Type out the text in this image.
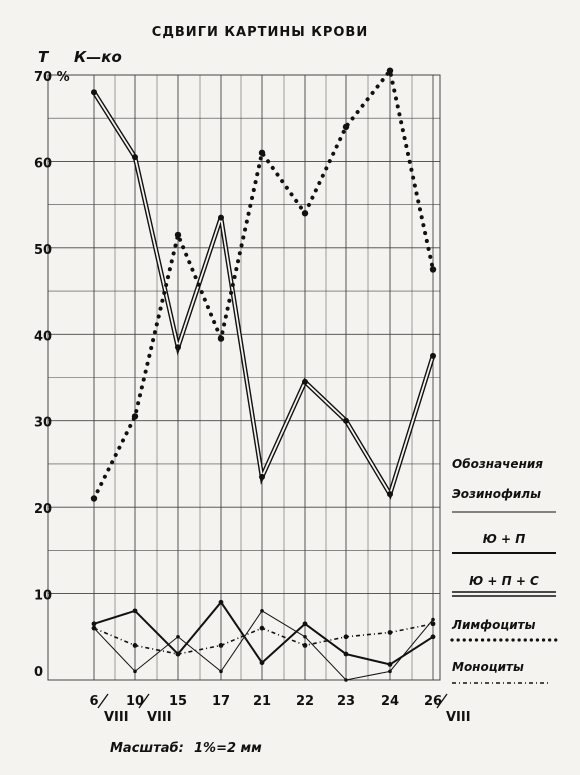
СДВИГИ КАРТИНЫ КРОВИ
T К—ко
70 %
60
50
40
30
20
10
0
6 10 15 17 21 22 23 24 26
VIII VIII	VIII
Обозначения
Эозинофилы
Ю + П
Ю + П + С
Лимфоциты
Моноциты
Масштаб: 1%=2 мм
